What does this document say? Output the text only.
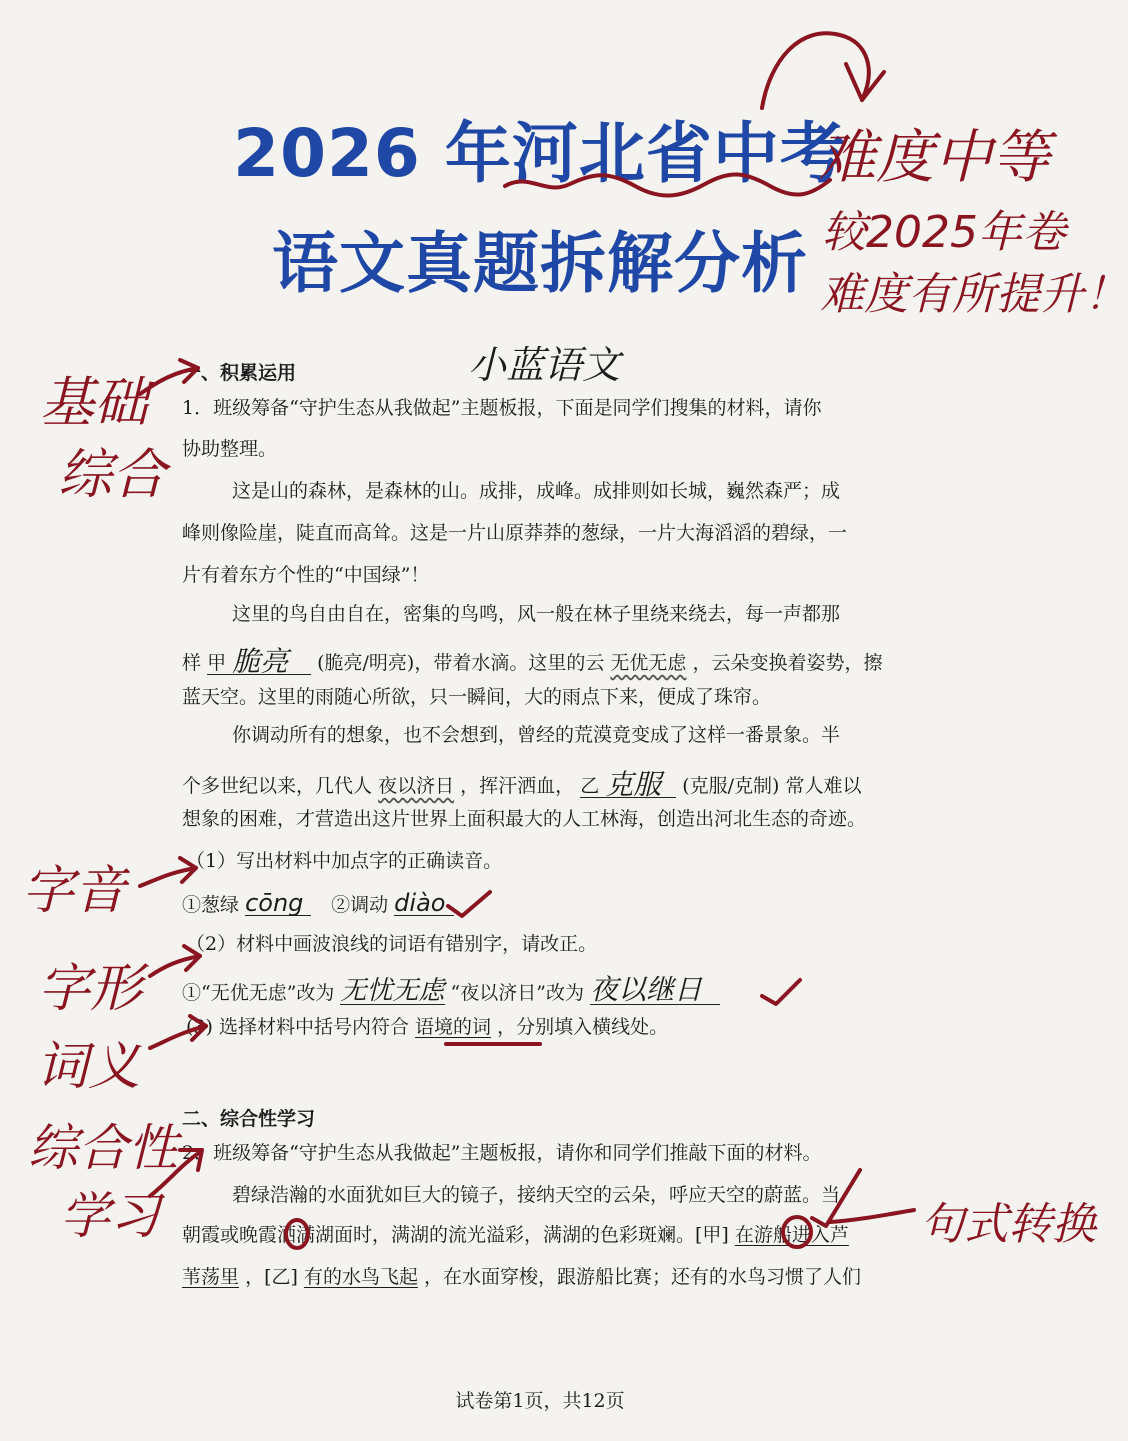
2026 年河北省中考
语文真题拆解分析
难度中等
较2025年卷
难度有所提升！
小蓝语文
基础
综合
字音
字形
词义
综合性
学习	句式转换
一、积累运用
1．班级筹备“守护生态从我做起”主题板报，下面是同学们搜集的材料，请你
协助整理。
这是山的森林，是森林的山。成排，成峰。成排则如长城，巍然森严；成
峰则像险崖，陡直而高耸。这是一片山原莽莽的葱绿，一片大海滔滔的碧绿，一
片有着东方个性的“中国绿”！
这里的鸟自由自在，密集的鸟鸣，风一般在林子里绕来绕去，每一声都那
样 甲 脆亮 (脆亮/明亮)，带着水滴。这里的云 无优无虑 ，云朵变换着姿势，擦
蓝天空。这里的雨随心所欲，只一瞬间，大的雨点下来，便成了珠帘。
你调动所有的想象，也不会想到，曾经的荒漠竟变成了这样一番景象。半
个多世纪以来，几代人 夜以济日 ，挥汗洒血， 乙 克服 (克服/克制) 常人难以
想象的困难，才营造出这片世界上面积最大的人工林海，创造出河北生态的奇迹。
（1）写出材料中加点字的正确读音。
①葱绿 cōng ②调动 diào
（2）材料中画波浪线的词语有错别字，请改正。
①“无优无虑”改为 无忧无虑 “夜以济日”改为 夜以继日
(3) 选择材料中括号内符合 语境的词 ，分别填入横线处。
二、综合性学习
2．班级筹备“守护生态从我做起”主题板报，请你和同学们推敲下面的材料。
碧绿浩瀚的水面犹如巨大的镜子，接纳天空的云朵，呼应天空的蔚蓝。当
朝霞或晚霞洒满湖面时，满湖的流光溢彩，满湖的色彩斑斓。[甲] 在游船进入芦
苇荡里 ，[乙] 有的水鸟飞起 ，在水面穿梭，跟游船比赛；还有的水鸟习惯了人们
试卷第1页，共12页
